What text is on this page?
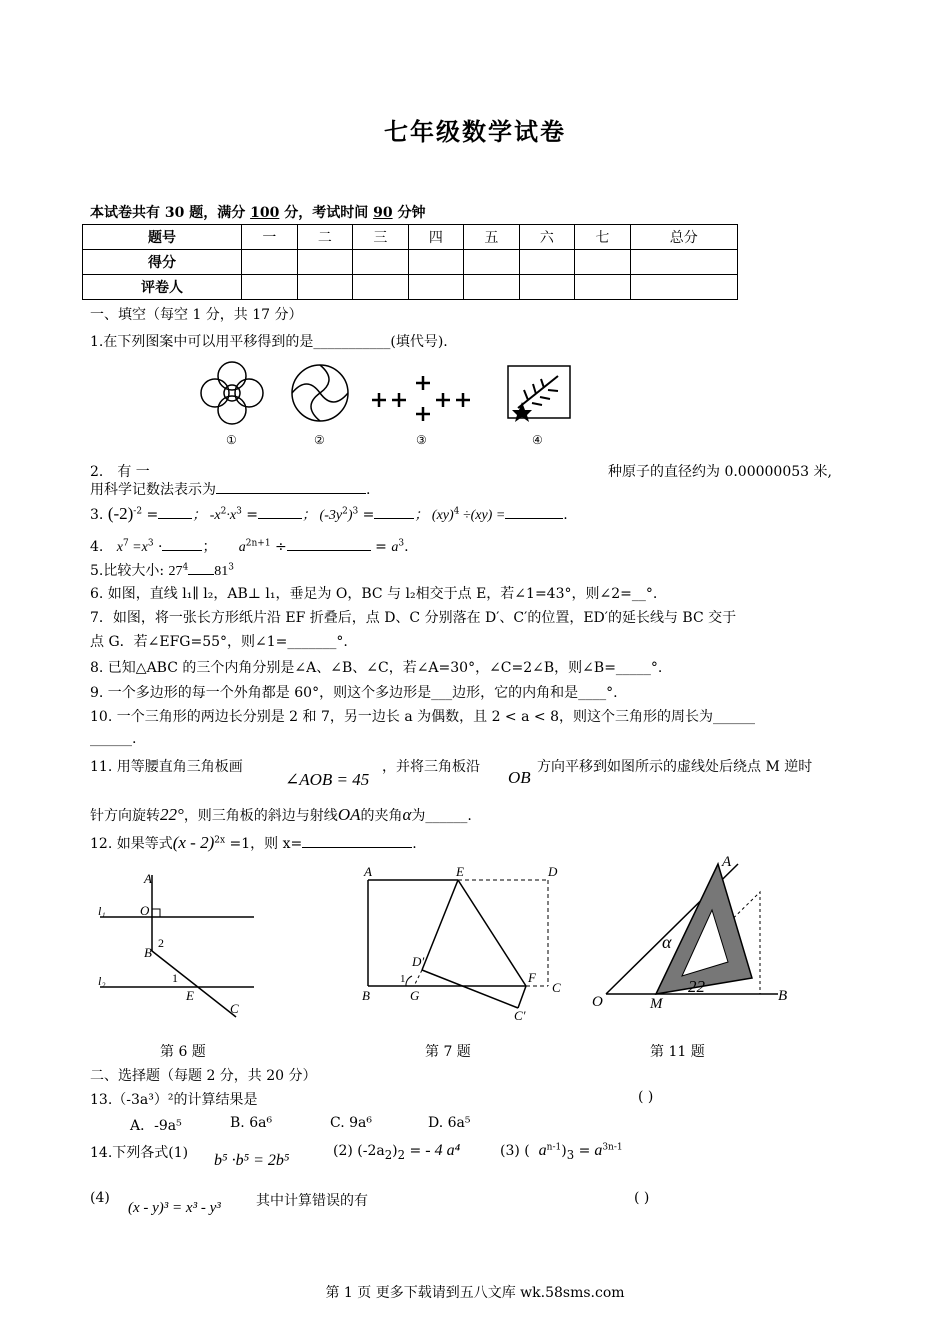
七年级数学试卷
本试卷共有 30 题，满分 100 分，考试时间 90 分钟
题号	一	二	三	四	五	六	七	总分
得分								
评卷人								
一、填空（每空 1 分，共 17 分）
1.在下列图案中可以用平移得到的是___________(填代号).
①	②	③	④
2． 有 一	种原子的直径约为 0.00000053 米,
用科学记数法表示为	.
3. $(-2)^{-2}$ = ； $-x^2\cdot x^3$ =	； $(-3y^2)^3$ =	； (xy)$^4$ ÷(xy) =	.
4. $x^7 =x^3$ ·	； $a^{2n+1}$ ÷	= $a^3$.
5.比较大小: $27^4$ $81^3$
6. 如图，直线 l₁∥ l₂，AB⊥ l₁，垂足为 O，BC 与 l₂相交于点 E，若∠1=43°，则∠2=__°.
7．如图，将一张长方形纸片沿 EF 折叠后，点 D、C 分别落在 D′、C′的位置，ED′的延长线与 BC 交于
点 G．若∠EFG=55°，则∠1=_______°.
8. 已知△ABC 的三个内角分别是∠A、∠B、∠C，若∠A=30°，∠C=2∠B，则∠B=_____°.
9. 一个多边形的每一个外角都是 60°，则这个多边形是___边形，它的内角和是____°.
10. 一个三角形的两边长分别是 2 和 7，另一边长 a 为偶数，且 2 < a < 8，则这个三角形的周长为______
______.
11. 用等腰直角三角板画
∠AOB = 45
，并将三角板沿
OB
方向平移到如图所示的虚线处后绕点 M 逆时
针方向旋转22°，则三角板的斜边与射线OA的夹角α为______.
12. 如果等式(x - 2)$^{2x}$ =1，则 x=	.
A
O
l₁
B
2
1
l₂
E
C
第 6 题
A	E	D
D′
1	F
C
B	G
C′
第 7 题
A
α
O	M
22	B
第 11 题
二、选择题（每题 2 分，共 20 分）
13.（-3a³）²的计算结果是	( )
A．-9a⁵	B. 6a⁶	C. 9a⁶	D. 6a⁵
14.下列各式(1) b⁵ ·b⁵ = 2b⁵
(2) $(-2a_2)_2$ = - 4 a⁴	(3) ( $a^{n-1})_3 = a^{3n-1}$
(4)
(x - y)³ = x³ - y³	其中计算错误的有	( )
第 1 页 更多下载请到五八文库 wk.58sms.com
